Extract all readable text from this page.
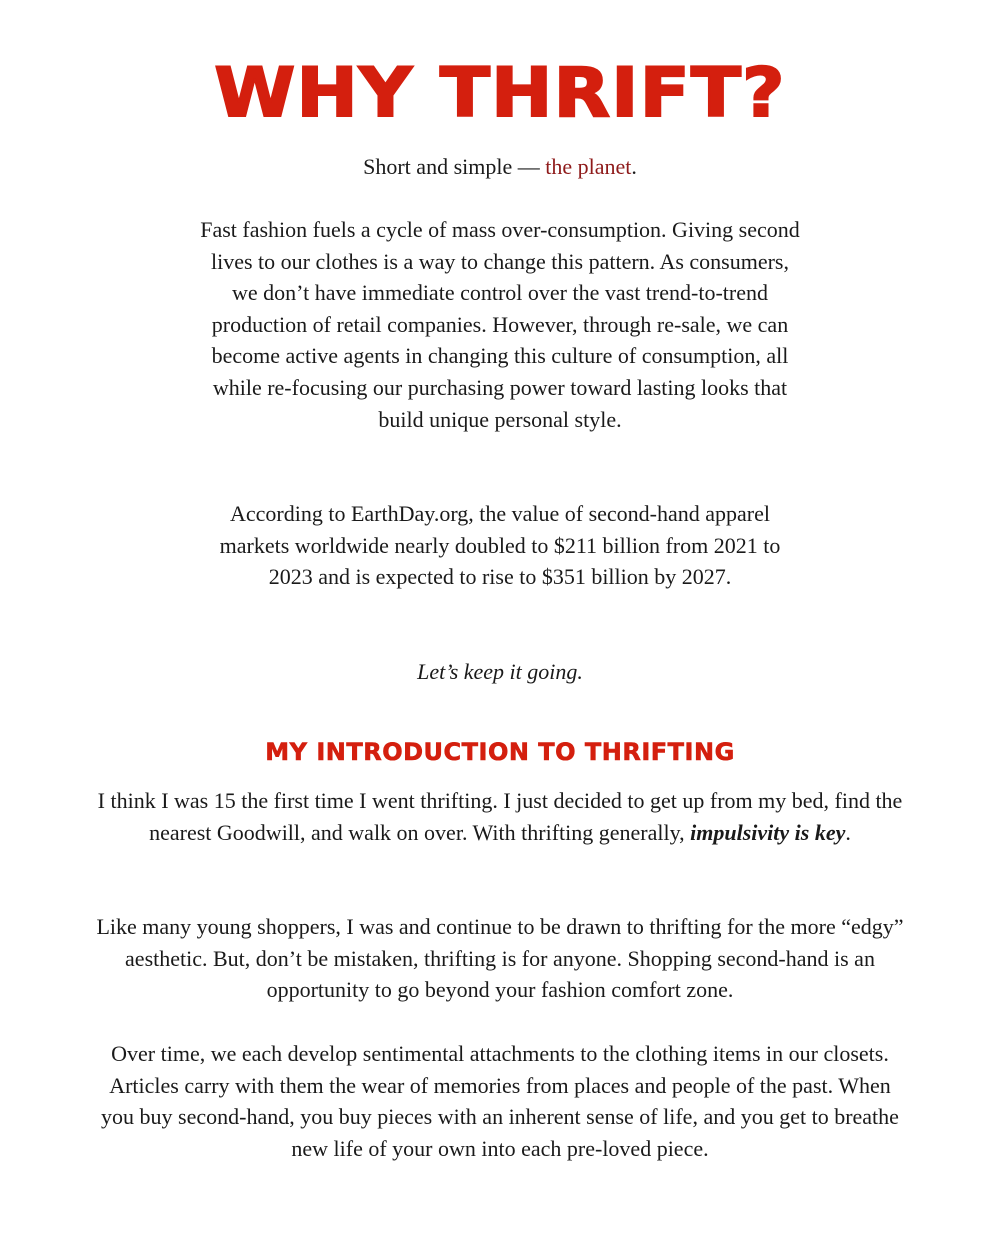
WHY THRIFT?
Short and simple — the planet.

Fast fashion fuels a cycle of mass over-consumption. Giving second lives to our clothes is a way to change this pattern. As consumers, we don’t have immediate control over the vast trend-to-trend production of retail companies. However, through re-sale, we can become active agents in changing this culture of consumption, all while re-focusing our purchasing power toward lasting looks that build unique personal style.

According to EarthDay.org, the value of second-hand apparel markets worldwide nearly doubled to $211 billion from 2021 to 2023 and is expected to rise to $351 billion by 2027.

Let’s keep it going.

MY INTRODUCTION TO THRIFTING

I think I was 15 the first time I went thrifting. I just decided to get up from my bed, find the nearest Goodwill, and walk on over. With thrifting generally, impulsivity is key.

Like many young shoppers, I was and continue to be drawn to thrifting for the more “edgy” aesthetic. But, don’t be mistaken, thrifting is for anyone. Shopping second-hand is an opportunity to go beyond your fashion comfort zone.

Over time, we each develop sentimental attachments to the clothing items in our closets. Articles carry with them the wear of memories from places and people of the past. When you buy second-hand, you buy pieces with an inherent sense of life, and you get to breathe new life of your own into each pre-loved piece.
